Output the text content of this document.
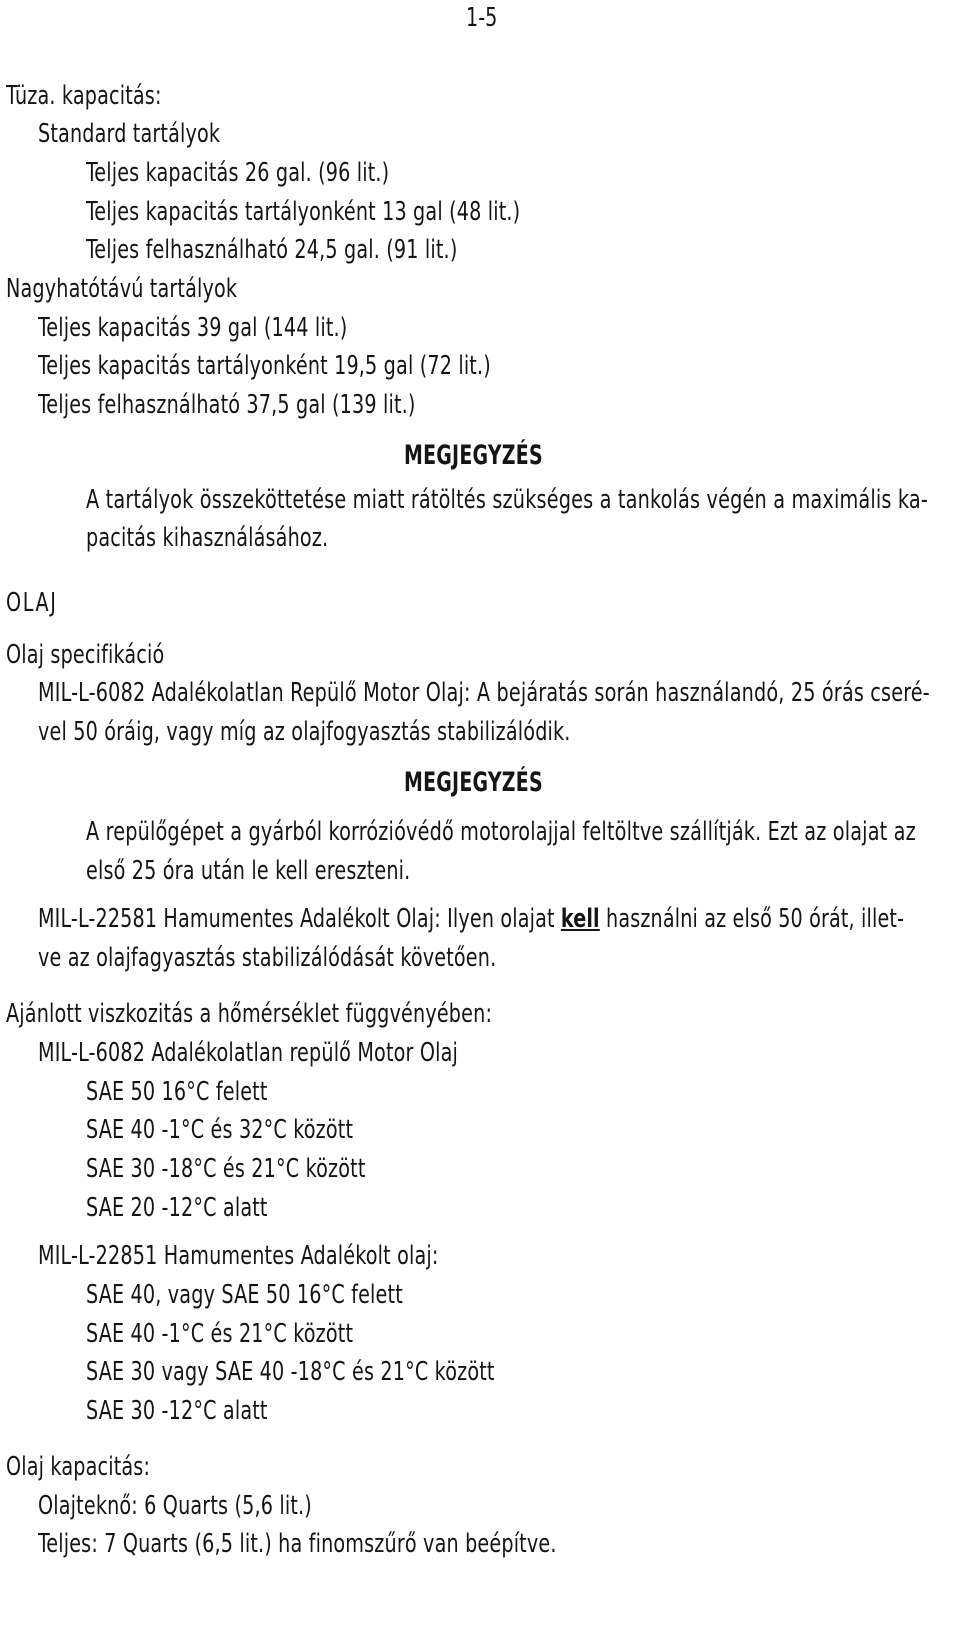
1-5
Tüza. kapacitás:
Standard tartályok
Teljes kapacitás 26 gal. (96 lit.)
Teljes kapacitás tartályonként 13 gal (48 lit.)
Teljes felhasználható 24,5 gal. (91 lit.)
Nagyhatótávú tartályok
Teljes kapacitás 39 gal (144 lit.)
Teljes kapacitás tartályonként 19,5 gal (72 lit.)
Teljes felhasználható 37,5 gal (139 lit.)
MEGJEGYZÉS
A tartályok összeköttetése miatt rátöltés szükséges a tankolás végén a maximális ka-
pacitás kihasználásához.
OLAJ
Olaj specifikáció
MIL-L-6082 Adalékolatlan Repülő Motor Olaj: A bejáratás során használandó, 25 órás cseré-
vel 50 óráig, vagy míg az olajfogyasztás stabilizálódik.
MEGJEGYZÉS
A repülőgépet a gyárból korrózióvédő motorolajjal feltöltve szállítják. Ezt az olajat az
első 25 óra után le kell ereszteni.
MIL-L-22581 Hamumentes Adalékolt Olaj: Ilyen olajat kell használni az első 50 órát, illet-
ve az olajfagyasztás stabilizálódását követően.
Ajánlott viszkozitás a hőmérséklet függvényében:
MIL-L-6082 Adalékolatlan repülő Motor Olaj
SAE 50 16°C felett
SAE 40 -1°C és 32°C között
SAE 30 -18°C és 21°C között
SAE 20 -12°C alatt
MIL-L-22851 Hamumentes Adalékolt olaj:
SAE 40, vagy SAE 50 16°C felett
SAE 40 -1°C és 21°C között
SAE 30 vagy SAE 40 -18°C és 21°C között
SAE 30 -12°C alatt
Olaj kapacitás:
Olajteknő: 6 Quarts (5,6 lit.)
Teljes: 7 Quarts (6,5 lit.) ha finomszűrő van beépítve.
